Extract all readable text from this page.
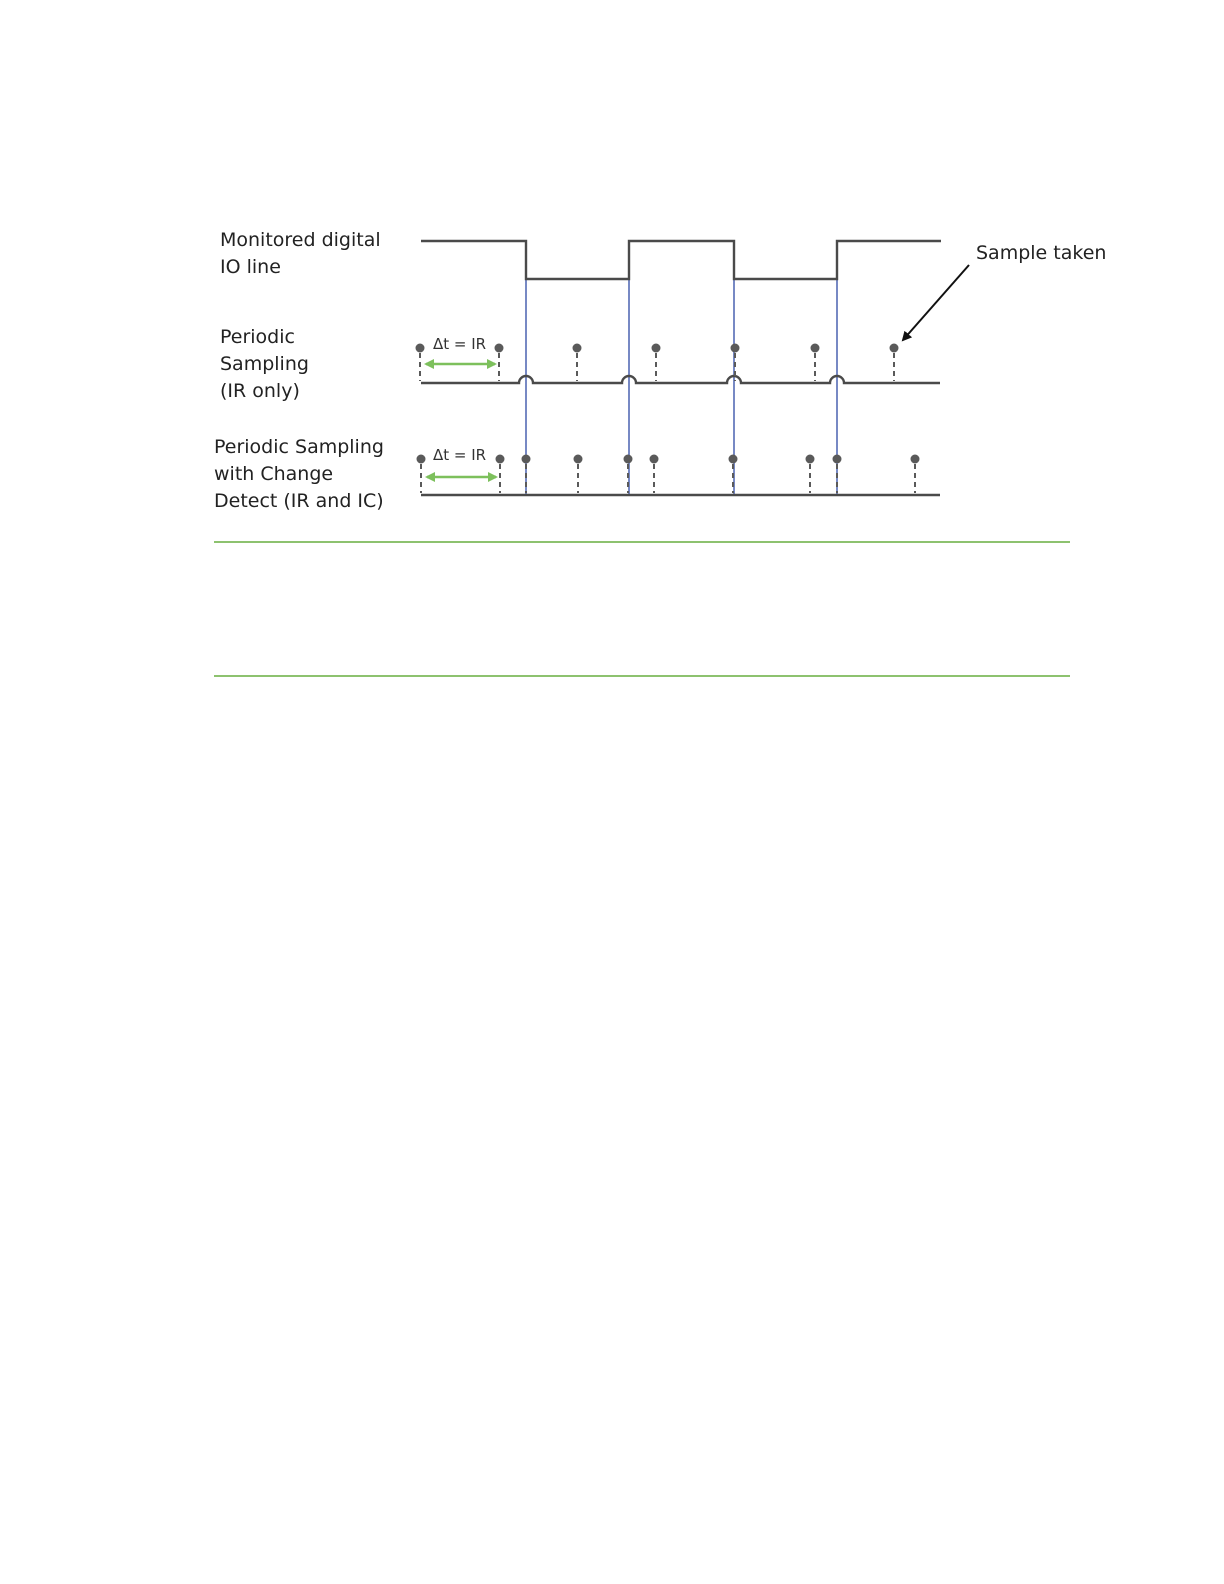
Monitored digital
IO line
Periodic
Sampling
(IR only)
Periodic Sampling
with Change
Detect (IR and IC)
Sample taken
Δt = IR
Δt = IR
